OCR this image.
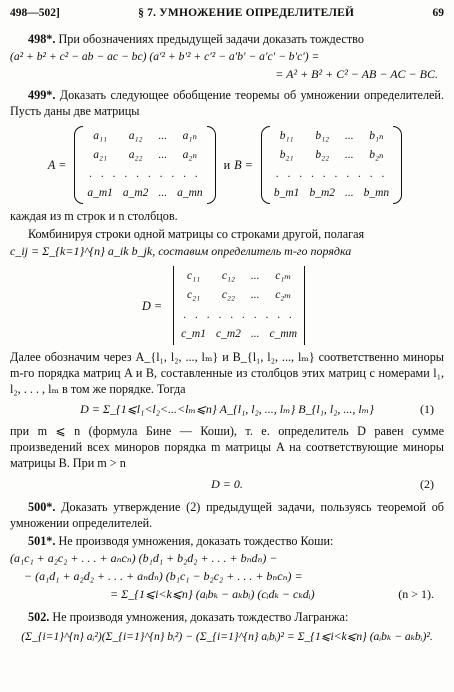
498—502]	§ 7. УМНОЖЕНИЕ ОПРЕДЕЛИТЕЛЕЙ	69
498*. При обозначениях предыдущей задачи доказать тождество
(a² + b² + c² − ab − ac − bc) (a′² + b′² + c′² − a′b′ − a′c′ − b′c′) =
= A² + B² + C² − AB − AC − BC.
499*. Доказать следующее обобщение теоремы об умножении определителей. Пусть даны две матрицы
A =
a₁₁	a₁₂	...	a₁ₙ
a₂₁	a₂₂	...	a₂ₙ
. . . . . . . . . .
a_m1 a_m2 ... a_mn
и B =
b₁₁	b₁₂	...	b₁ₙ
b₂₁	b₂₂	...	b₂ₙ
. . . . . . . . . .
b_m1 b_m2 ... b_mn
каждая из m строк и n столбцов.
Комбинируя строки одной матрицы со строками другой, полагая
c_ij = Σ_{k=1}^{n} a_ik b_jk, составим определитель m-го порядка
D =
c₁₁	c₁₂	...	c₁ₘ
c₂₁	c₂₂	...	c₂ₘ
. . . . . . . . . .
c_m1 c_m2 ... c_mm
Далее обозначим через A_{l₁, l₂, ..., lₘ} и B_{l₁, l₂, ..., lₘ} соответственно миноры m-го порядка матриц A и B, составленные из столбцов этих матриц с номерами l₁, l₂, . . . , lₘ в том же порядке. Тогда
D = Σ_{1⩽l₁<l₂<...<lₘ⩽n} A_{l₁, l₂, ..., lₘ} B_{l₁, l₂, ..., lₘ}	(1)
при m ⩽ n (формула Бине — Коши), т. е. определитель D равен сумме произведений всех миноров порядка m матрицы A на соответствующие миноры матрицы B. При m > n
D = 0.	(2)
500*. Доказать утверждение (2) предыдущей задачи, пользуясь теоремой об умножении определителей.
501*. Не производя умножения, доказать тождество Коши:
(a₁c₁ + a₂c₂ + . . . + aₙcₙ) (b₁d₁ + b₂d₂ + . . . + bₙdₙ) −
− (a₁d₁ + a₂d₂ + . . . + aₙdₙ) (b₁c₁ − b₂c₂ + . . . + bₙcₙ) =
= Σ_{1⩽i<k⩽n} (aᵢbₖ − aₖbᵢ) (cᵢdₖ − cₖdᵢ)	(n > 1).
502. Не производя умножения, доказать тождество Лагранжа:
(Σ_{i=1}^{n} aᵢ²)(Σ_{i=1}^{n} bᵢ²) − (Σ_{i=1}^{n} aᵢbᵢ)² = Σ_{1⩽i<k⩽n} (aᵢbₖ − aₖbᵢ)².
